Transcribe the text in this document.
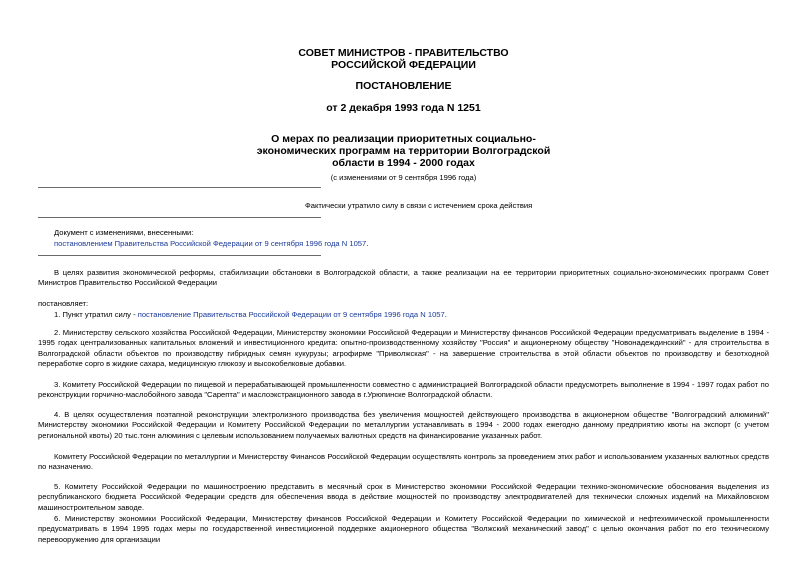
СОВЕТ МИНИСТРОВ - ПРАВИТЕЛЬСТВО
РОССИЙСКОЙ ФЕДЕРАЦИИ
ПОСТАНОВЛЕНИЕ
от 2 декабря 1993 года N 1251
О мерах по реализации приоритетных социально-
экономических программ на территории Волгоградской
области в 1994 - 2000 годах
(с изменениями от 9 сентября 1996 года)
Фактически утратило силу в связи с истечением срока действия
Документ с изменениями, внесенными:
постановлением Правительства Российской Федерации от 9 сентября 1996 года N 1057.
В целях развития экономической реформы, стабилизации обстановки в Волгоградской области, а также реализации на ее территории приоритетных социально-экономических программ Совет Министров Правительство Российской Федерации
постановляет:
1. Пункт утратил силу - постановление Правительства Российской Федерации от 9 сентября 1996 года N 1057.
2. Министерству сельского хозяйства Российской Федерации, Министерству экономики Российской Федерации и Министерству финансов Российской Федерации предусматривать выделение в 1994 - 1995 годах централизованных капитальных вложений и инвестиционного кредита: опытно-производственному хозяйству "Россия" и акционерному обществу "Новонадеждинский" - для строительства в Волгоградской области объектов по производству гибридных семян кукурузы; агрофирме "Приволжская" - на завершение строительства в этой области объектов по производству и безотходной переработке сорго в жидкие сахара, медицинскую глюкозу и высокобелковые добавки.
3. Комитету Российской Федерации по пищевой и перерабатывающей промышленности совместно с администрацией Волгоградской области предусмотреть выполнение в 1994 - 1997 годах работ по реконструкции горчично-маслобойного завода "Сарепта" и маслоэкстракционного завода в г.Урюпинске Волгоградской области.
4. В целях осуществления поэтапной реконструкции электролизного производства без увеличения мощностей действующего производства в акционерном обществе "Волгоградский алюминий" Министерству экономики Российской Федерации и Комитету Российской Федерации по металлургии устанавливать в 1994 - 2000 годах ежегодно данному предприятию квоты на экспорт (с учетом региональной квоты) 20 тыс.тонн алюминия с целевым использованием получаемых валютных средств на финансирование указанных работ.
Комитету Российской Федерации по металлургии и Министерству Финансов Российской Федерации осуществлять контроль за проведением этих работ и использованием указанных валютных средств по назначению.
5. Комитету Российской Федерации по машиностроению представить в месячный срок в Министерство экономики Российской Федерации технико-экономические обоснования выделения из республиканского бюджета Российской Федерации средств для обеспечения ввода в действие мощностей по производству электродвигателей для технически сложных изделий на Михайловском машиностроительном заводе.
6. Министерству экономики Российской Федерации, Министерству финансов Российской Федерации и Комитету Российской Федерации по химической и нефтехимической промышленности предусматривать в 1994 1995 годах меры по государственной инвестиционной поддержке акционерного общества "Волжский механический завод" с целью окончания работ по его техническому перевооружению для организации
